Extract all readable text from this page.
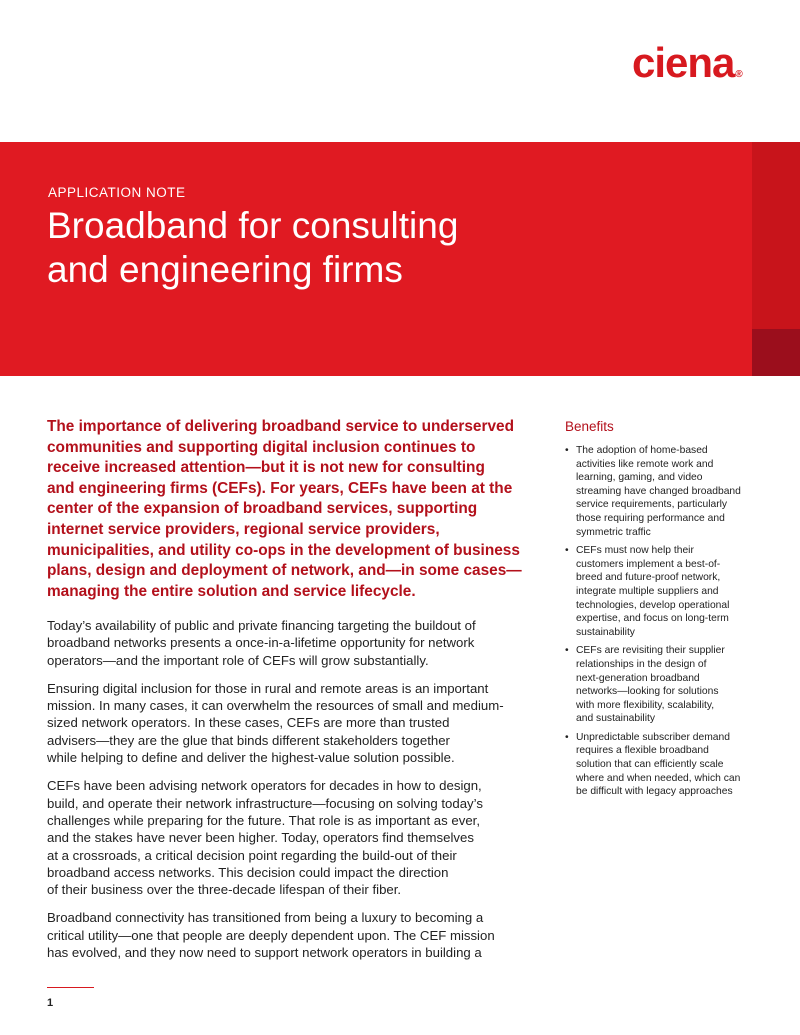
ciena®
APPLICATION NOTE
Broadband for consulting
and engineering firms

The importance of delivering broadband service to underserved
communities and supporting digital inclusion continues to
receive increased attention—but it is not new for consulting
and engineering firms (CEFs). For years, CEFs have been at the
center of the expansion of broadband services, supporting
internet service providers, regional service providers,
municipalities, and utility co-ops in the development of business
plans, design and deployment of network, and—in some cases—
managing the entire solution and service lifecycle.

Today’s availability of public and private financing targeting the buildout of
broadband networks presents a once-in-a-lifetime opportunity for network
operators—and the important role of CEFs will grow substantially.

Ensuring digital inclusion for those in rural and remote areas is an important
mission. In many cases, it can overwhelm the resources of small and medium-
sized network operators. In these cases, CEFs are more than trusted
advisers—they are the glue that binds different stakeholders together
while helping to define and deliver the highest-value solution possible.

CEFs have been advising network operators for decades in how to design,
build, and operate their network infrastructure—focusing on solving today’s
challenges while preparing for the future. That role is as important as ever,
and the stakes have never been higher. Today, operators find themselves
at a crossroads, a critical decision point regarding the build-out of their
broadband access networks. This decision could impact the direction
of their business over the three-decade lifespan of their fiber.

Broadband connectivity has transitioned from being a luxury to becoming a
critical utility—one that people are deeply dependent upon. The CEF mission
has evolved, and they now need to support network operators in building a

Benefits
• The adoption of home-based
activities like remote work and
learning, gaming, and video
streaming have changed broadband
service requirements, particularly
those requiring performance and
symmetric traffic
• CEFs must now help their
customers implement a best-of-
breed and future-proof network,
integrate multiple suppliers and
technologies, develop operational
expertise, and focus on long-term
sustainability
• CEFs are revisiting their supplier
relationships in the design of
next-generation broadband
networks—looking for solutions
with more flexibility, scalability,
and sustainability
• Unpredictable subscriber demand
requires a flexible broadband
solution that can efficiently scale
where and when needed, which can
be difficult with legacy approaches
1
